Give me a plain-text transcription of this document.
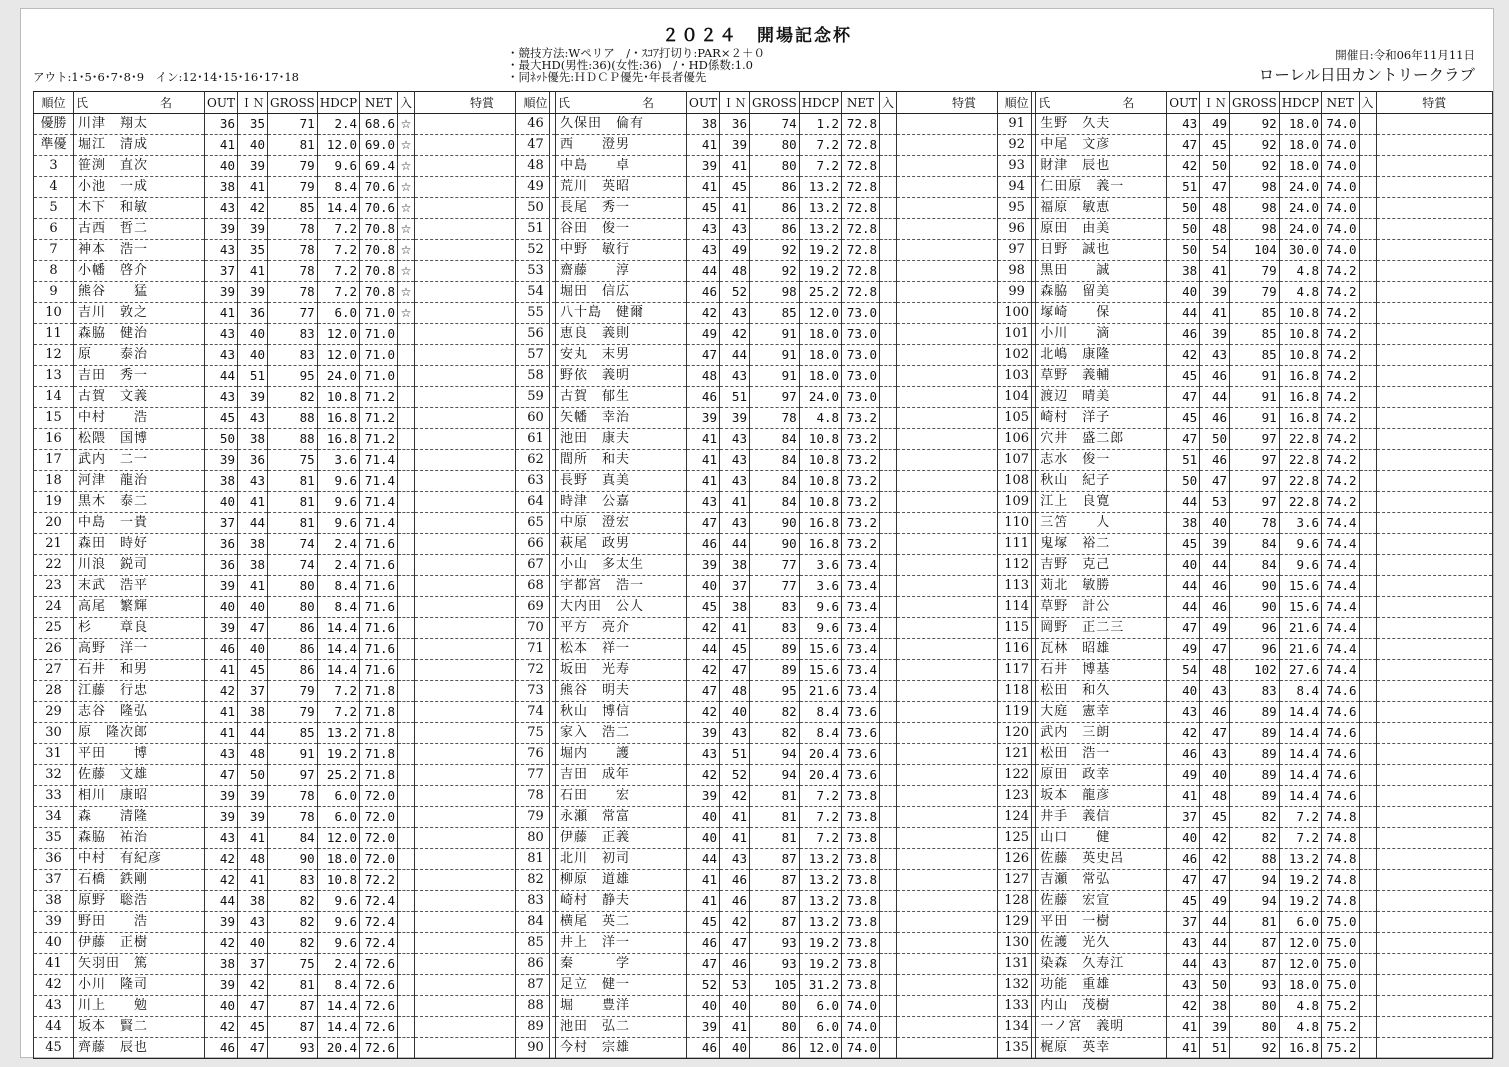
２０２４　開場記念杯
・競技方法:Wペリア　/・ｽｺｱ打切り:PAR×２＋０
・最大HD(男性:36)(女性:36)　/・HD係数:1.0
・同ﾈｯﾄ優先:ＨＤＣＰ優先･年長者優先
アウト:1･5･6･7･8･9　イン:12･14･15･16･17･18
開催日:令和06年11月11日
ローレル日田カントリークラブ
順位	氏　名	OUT	ＩＮ	GROSS	HDCP	NET	入	特賞
優勝	川津　翔太	36	35	71	2.4	68.6	☆	
準優	堀江　清成	41	40	81	12.0	69.0	☆	
3	笹渕　直次	40	39	79	9.6	69.4	☆	
4	小池　一成	38	41	79	8.4	70.6	☆	
5	木下　和敏	43	42	85	14.4	70.6	☆	
6	古西　哲二	39	39	78	7.2	70.8	☆	
7	神本　浩一	43	35	78	7.2	70.8	☆	
8	小幡　啓介	37	41	78	7.2	70.8	☆	
9	熊谷　　猛	39	39	78	7.2	70.8	☆	
10	吉川　敦之	41	36	77	6.0	71.0	☆	
11	森脇　健治	43	40	83	12.0	71.0		
12	原　　泰治	43	40	83	12.0	71.0		
13	吉田　秀一	44	51	95	24.0	71.0		
14	古賀　文義	43	39	82	10.8	71.2		
15	中村　　浩	45	43	88	16.8	71.2		
16	松隈　国博	50	38	88	16.8	71.2		
17	武内　二一	39	36	75	3.6	71.4		
18	河津　龍治	38	43	81	9.6	71.4		
19	黒木　泰二	40	41	81	9.6	71.4		
20	中島　一貴	37	44	81	9.6	71.4		
21	森田　時好	36	38	74	2.4	71.6		
22	川浪　鋭司	36	38	74	2.4	71.6		
23	末武　浩平	39	41	80	8.4	71.6		
24	高尾　繁輝	40	40	80	8.4	71.6		
25	杉　　章良	39	47	86	14.4	71.6		
26	高野　洋一	46	40	86	14.4	71.6		
27	石井　和男	41	45	86	14.4	71.6		
28	江藤　行忠	42	37	79	7.2	71.8		
29	志谷　隆弘	41	38	79	7.2	71.8		
30	原　隆次郎	41	44	85	13.2	71.8		
31	平田　　博	43	48	91	19.2	71.8		
32	佐藤　文雄	47	50	97	25.2	71.8		
33	相川　康昭	39	39	78	6.0	72.0		
34	森　　清隆	39	39	78	6.0	72.0		
35	森脇　祐治	43	41	84	12.0	72.0		
36	中村　有紀彦	42	48	90	18.0	72.0		
37	石橋　鉄剛	42	41	83	10.8	72.2		
38	原野　聡浩	44	38	82	9.6	72.4		
39	野田　　浩	39	43	82	9.6	72.4		
40	伊藤　正樹	42	40	82	9.6	72.4		
41	矢羽田　篤	38	37	75	2.4	72.6		
42	小川　隆司	39	42	81	8.4	72.6		
43	川上　　勉	40	47	87	14.4	72.6		
44	坂本　賢二	42	45	87	14.4	72.6		
45	齊藤　辰也	46	47	93	20.4	72.6		
順位	氏　名	OUT	ＩＮ	GROSS	HDCP	NET	入	特賞
46	久保田　倫有	38	36	74	1.2	72.8		
47	西　　澄男	41	39	80	7.2	72.8		
48	中島　　卓	39	41	80	7.2	72.8		
49	荒川　英昭	41	45	86	13.2	72.8		
50	長尾　秀一	45	41	86	13.2	72.8		
51	谷田　俊一	43	43	86	13.2	72.8		
52	中野　敏行	43	49	92	19.2	72.8		
53	齋藤　　淳	44	48	92	19.2	72.8		
54	堀田　信広	46	52	98	25.2	72.8		
55	八十島　健爾	42	43	85	12.0	73.0		
56	恵良　義則	49	42	91	18.0	73.0		
57	安丸　末男	47	44	91	18.0	73.0		
58	野依　義明	48	43	91	18.0	73.0		
59	古賀　郁生	46	51	97	24.0	73.0		
60	矢幡　幸治	39	39	78	4.8	73.2		
61	池田　康夫	41	43	84	10.8	73.2		
62	間所　和夫	41	43	84	10.8	73.2		
63	長野　真美	41	43	84	10.8	73.2		
64	時津　公嘉	43	41	84	10.8	73.2		
65	中原　澄宏	47	43	90	16.8	73.2		
66	萩尾　政男	46	44	90	16.8	73.2		
67	小山　多太生	39	38	77	3.6	73.4		
68	宇都宮　浩一	40	37	77	3.6	73.4		
69	大内田　公人	45	38	83	9.6	73.4		
70	平方　亮介	42	41	83	9.6	73.4		
71	松本　祥一	44	45	89	15.6	73.4		
72	坂田　光寿	42	47	89	15.6	73.4		
73	熊谷　明夫	47	48	95	21.6	73.4		
74	秋山　博信	42	40	82	8.4	73.6		
75	家入　浩二	39	43	82	8.4	73.6		
76	堀内　　護	43	51	94	20.4	73.6		
77	吉田　成年	42	52	94	20.4	73.6		
78	石田　　宏	39	42	81	7.2	73.8		
79	永瀬　常富	40	41	81	7.2	73.8		
80	伊藤　正義	40	41	81	7.2	73.8		
81	北川　初司	44	43	87	13.2	73.8		
82	柳原　道雄	41	46	87	13.2	73.8		
83	崎村　静夫	41	46	87	13.2	73.8		
84	横尾　英二	45	42	87	13.2	73.8		
85	井上　洋一	46	47	93	19.2	73.8		
86	秦　　　学	47	46	93	19.2	73.8		
87	足立　健一	52	53	105	31.2	73.8		
88	堀　　豊洋	40	40	80	6.0	74.0		
89	池田　弘二	39	41	80	6.0	74.0		
90	今村　宗雄	46	40	86	12.0	74.0		
順位	氏　名	OUT	ＩＮ	GROSS	HDCP	NET	入	特賞
91	生野　久夫	43	49	92	18.0	74.0		
92	中尾　文彦	47	45	92	18.0	74.0		
93	財津　辰也	42	50	92	18.0	74.0		
94	仁田原　義一	51	47	98	24.0	74.0		
95	福原　敏恵	50	48	98	24.0	74.0		
96	原田　由美	50	48	98	24.0	74.0		
97	日野　誠也	50	54	104	30.0	74.0		
98	黒田　　誠	38	41	79	4.8	74.2		
99	森脇　留美	40	39	79	4.8	74.2		
100	塚崎　　保	44	41	85	10.8	74.2		
101	小川　　滴	46	39	85	10.8	74.2		
102	北嶋　康隆	42	43	85	10.8	74.2		
103	草野　義輔	45	46	91	16.8	74.2		
104	渡辺　晴美	47	44	91	16.8	74.2		
105	崎村　洋子	45	46	91	16.8	74.2		
106	穴井　盛二郎	47	50	97	22.8	74.2		
107	志水　俊一	51	46	97	22.8	74.2		
108	秋山　紀子	50	47	97	22.8	74.2		
109	江上　良寛	44	53	97	22.8	74.2		
110	三笘　　人	38	40	78	3.6	74.4		
111	鬼塚　裕二	45	39	84	9.6	74.4		
112	吉野　克己	40	44	84	9.6	74.4		
113	苅北　敏勝	44	46	90	15.6	74.4		
114	草野　計公	44	46	90	15.6	74.4		
115	岡野　正二三	47	49	96	21.6	74.4		
116	瓦林　昭雄	49	47	96	21.6	74.4		
117	石井　博基	54	48	102	27.6	74.4		
118	松田　和久	40	43	83	8.4	74.6		
119	大庭　憲幸	43	46	89	14.4	74.6		
120	武内　三朗	42	47	89	14.4	74.6		
121	松田　浩一	46	43	89	14.4	74.6		
122	原田　政幸	49	40	89	14.4	74.6		
123	坂本　龍彦	41	48	89	14.4	74.6		
124	井手　義信	37	45	82	7.2	74.8		
125	山口　　健	40	42	82	7.2	74.8		
126	佐藤　英史呂	46	42	88	13.2	74.8		
127	吉瀬　常弘	47	47	94	19.2	74.8		
128	佐藤　宏宣	45	49	94	19.2	74.8		
129	平田　一樹	37	44	81	6.0	75.0		
130	佐護　光久	43	44	87	12.0	75.0		
131	染森　久寿江	44	43	87	12.0	75.0		
132	功能　重雄	43	50	93	18.0	75.0		
133	内山　茂樹	42	38	80	4.8	75.2		
134	一ノ宮　義明	41	39	80	4.8	75.2		
135	梶原　英幸	41	51	92	16.8	75.2		
